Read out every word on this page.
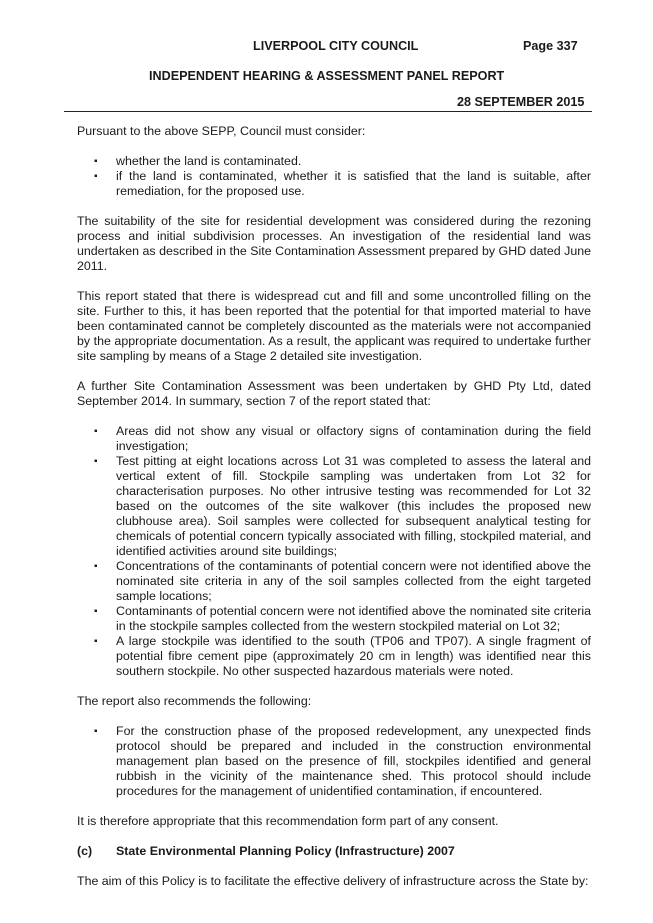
LIVERPOOL CITY COUNCIL	Page 337
INDEPENDENT HEARING & ASSESSMENT PANEL REPORT
28 SEPTEMBER 2015

Pursuant to the above SEPP, Council must consider:

▪ whether the land is contaminated.
▪ if the land is contaminated, whether it is satisfied that the land is suitable, after remediation, for the proposed use.

The suitability of the site for residential development was considered during the rezoning process and initial subdivision processes. An investigation of the residential land was undertaken as described in the Site Contamination Assessment prepared by GHD dated June 2011.

This report stated that there is widespread cut and fill and some uncontrolled filling on the site. Further to this, it has been reported that the potential for that imported material to have been contaminated cannot be completely discounted as the materials were not accompanied by the appropriate documentation. As a result, the applicant was required to undertake further site sampling by means of a Stage 2 detailed site investigation.

A further Site Contamination Assessment was been undertaken by GHD Pty Ltd, dated September 2014. In summary, section 7 of the report stated that:

▪ Areas did not show any visual or olfactory signs of contamination during the field investigation;
▪ Test pitting at eight locations across Lot 31 was completed to assess the lateral and vertical extent of fill. Stockpile sampling was undertaken from Lot 32 for characterisation purposes. No other intrusive testing was recommended for Lot 32 based on the outcomes of the site walkover (this includes the proposed new clubhouse area). Soil samples were collected for subsequent analytical testing for chemicals of potential concern typically associated with filling, stockpiled material, and identified activities around site buildings;
▪ Concentrations of the contaminants of potential concern were not identified above the nominated site criteria in any of the soil samples collected from the eight targeted sample locations;
▪ Contaminants of potential concern were not identified above the nominated site criteria in the stockpile samples collected from the western stockpiled material on Lot 32;
▪ A large stockpile was identified to the south (TP06 and TP07). A single fragment of potential fibre cement pipe (approximately 20 cm in length) was identified near this southern stockpile. No other suspected hazardous materials were noted.

The report also recommends the following:

▪ For the construction phase of the proposed redevelopment, any unexpected finds protocol should be prepared and included in the construction environmental management plan based on the presence of fill, stockpiles identified and general rubbish in the vicinity of the maintenance shed. This protocol should include procedures for the management of unidentified contamination, if encountered.

It is therefore appropriate that this recommendation form part of any consent.

(c)	State Environmental Planning Policy (Infrastructure) 2007

The aim of this Policy is to facilitate the effective delivery of infrastructure across the State by:
